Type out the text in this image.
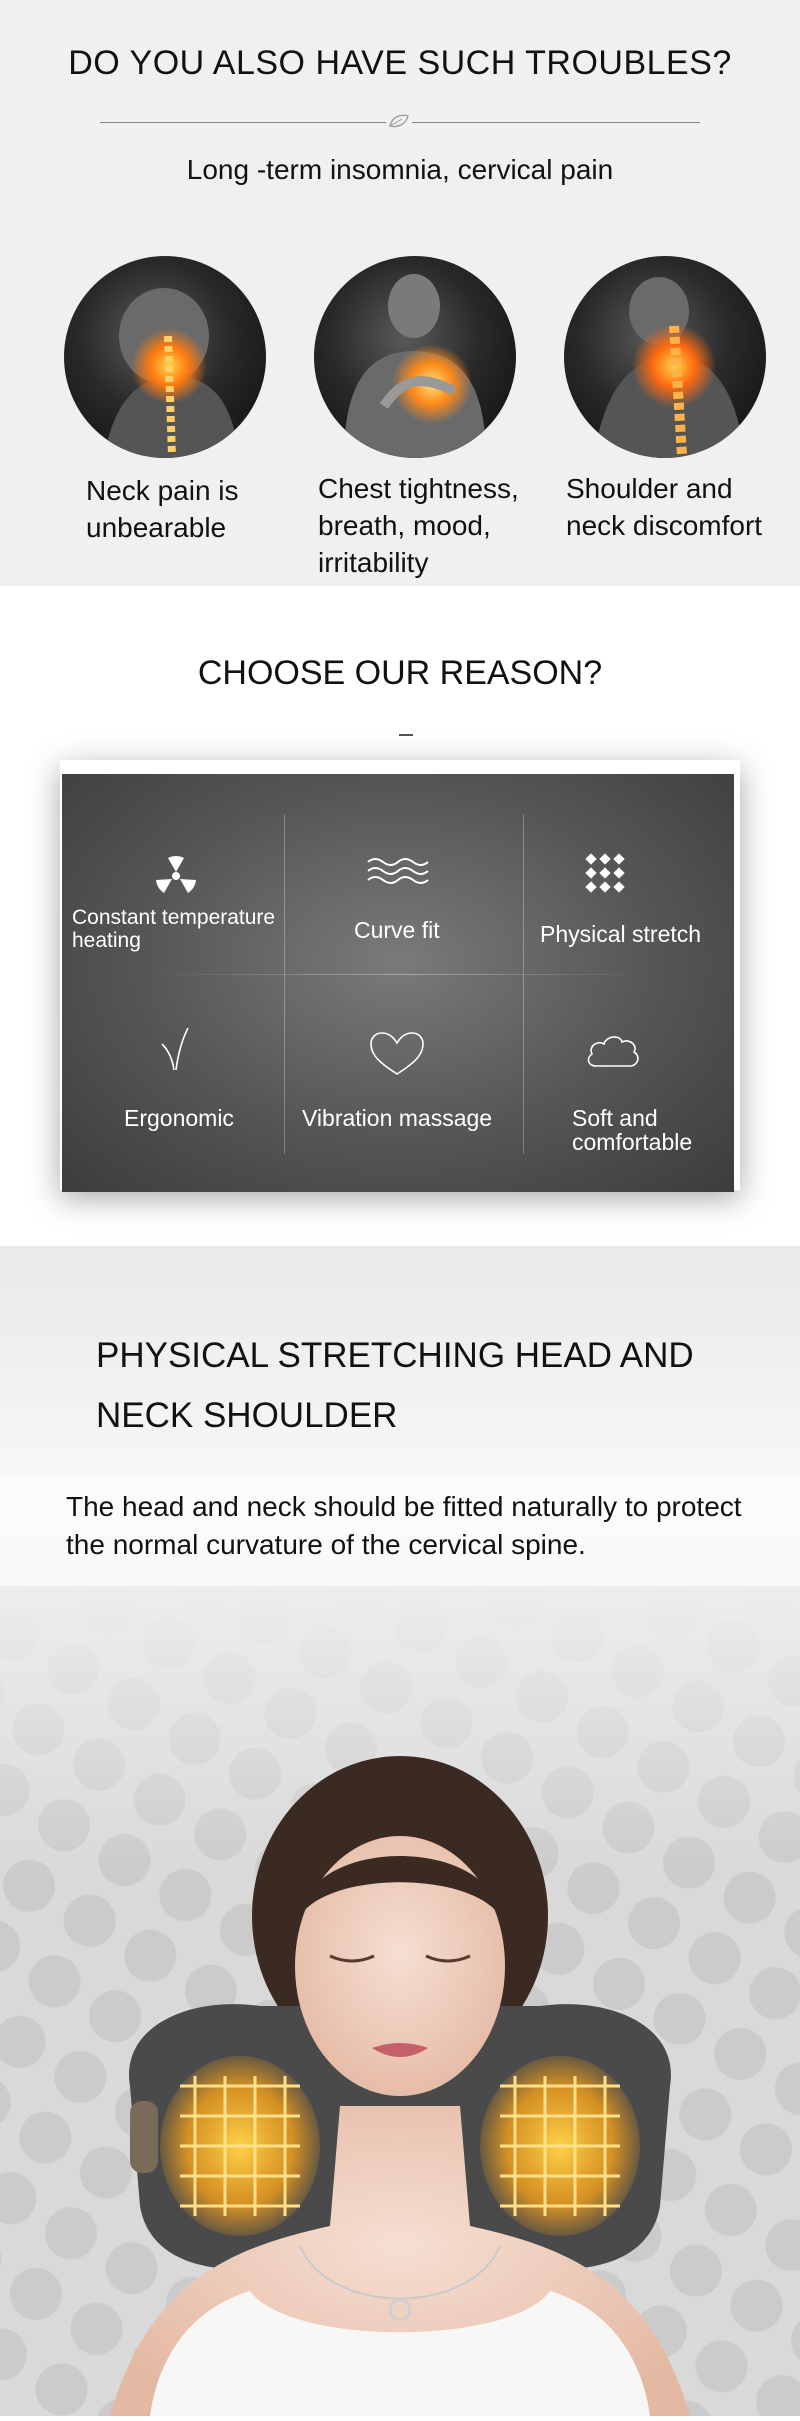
DO YOU ALSO HAVE SUCH TROUBLES?
Long -term insomnia, cervical pain
Neck pain is
unbearable
Chest tightness,
breath, mood,
irritability
Shoulder and
neck discomfort
CHOOSE OUR REASON?
Constant temperature
heating	Curve fit	Physical stretch
Ergonomic	Vibration massage	Soft and
comfortable
PHYSICAL STRETCHING HEAD AND
NECK SHOULDER
The head and neck should be fitted naturally to protect
the normal curvature of the cervical spine.
